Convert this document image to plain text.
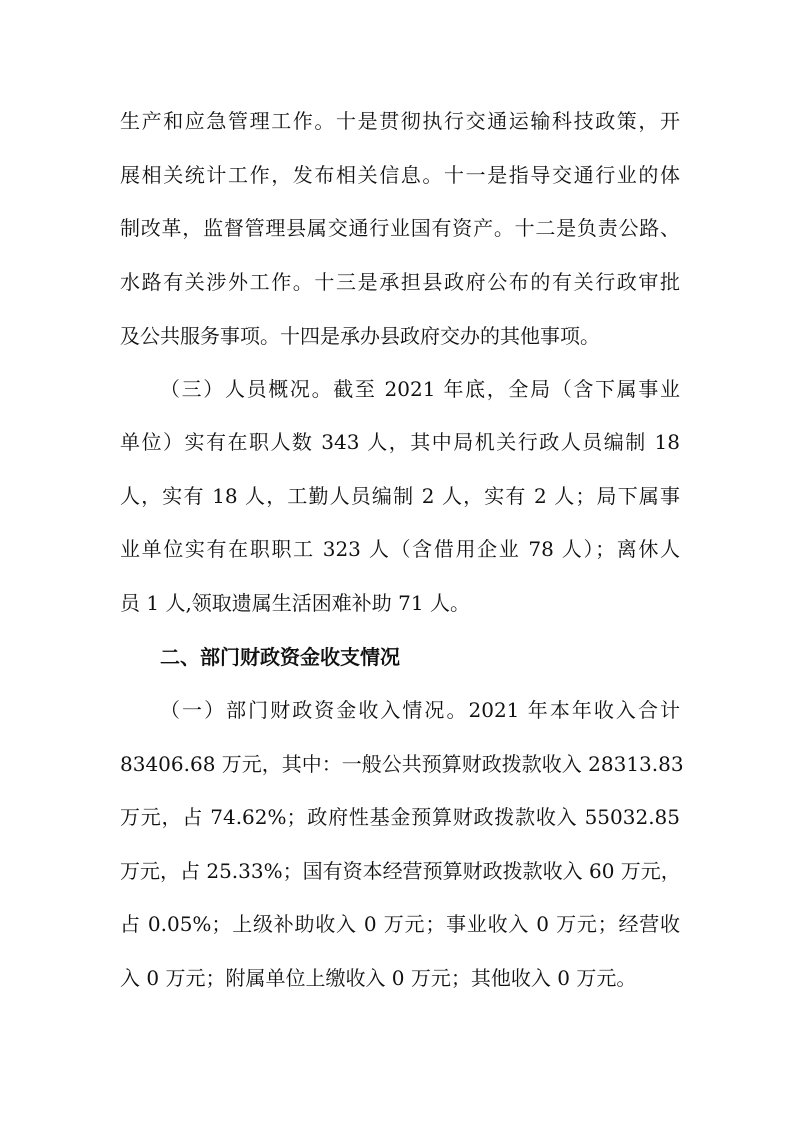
生产和应急管理工作。十是贯彻执行交通运输科技政策，开
展相关统计工作，发布相关信息。十一是指导交通行业的体
制改革，监督管理县属交通行业国有资产。十二是负责公路、
水路有关涉外工作。十三是承担县政府公布的有关行政审批
及公共服务事项。十四是承办县政府交办的其他事项。
（三）人员概况。截至 2021 年底，全局（含下属事业
单位）实有在职人数 343 人，其中局机关行政人员编制 18
人，实有 18 人，工勤人员编制 2 人，实有 2 人；局下属事
业单位实有在职职工 323 人（含借用企业 78 人）；离休人
员 1 人,领取遗属生活困难补助 71 人。
二、部门财政资金收支情况
（一）部门财政资金收入情况。2021 年本年收入合计
83406.68 万元，其中：一般公共预算财政拨款收入 28313.83
万元，占 74.62%；政府性基金预算财政拨款收入 55032.85
万元，占 25.33%；国有资本经营预算财政拨款收入 60 万元，
占 0.05%；上级补助收入 0 万元；事业收入 0 万元；经营收
入 0 万元；附属单位上缴收入 0 万元；其他收入 0 万元。
